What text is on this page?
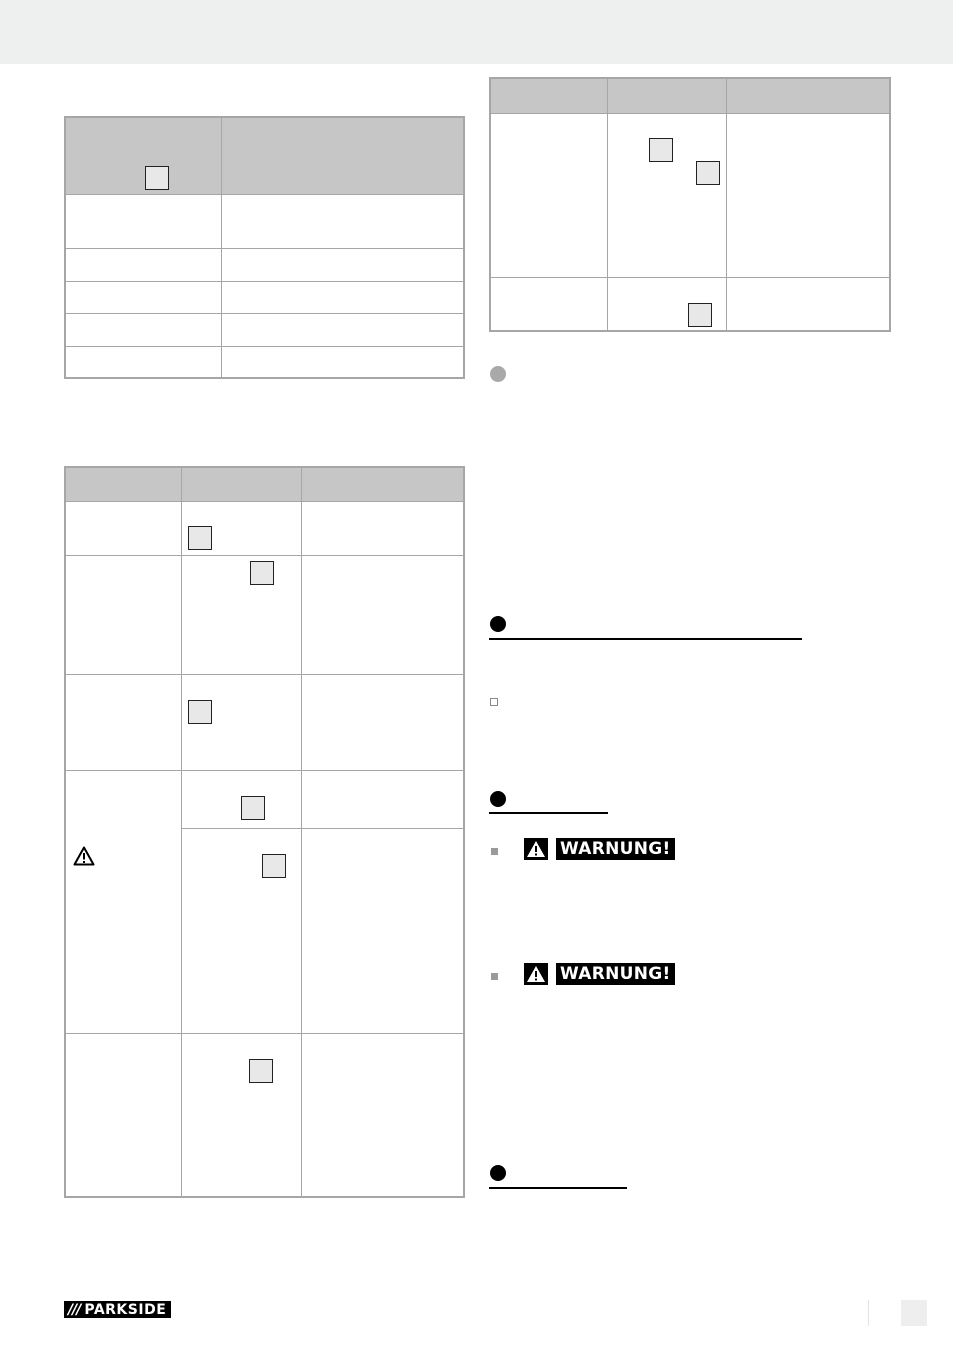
WARNUNG!
WARNUNG!
/// PARKSIDE
